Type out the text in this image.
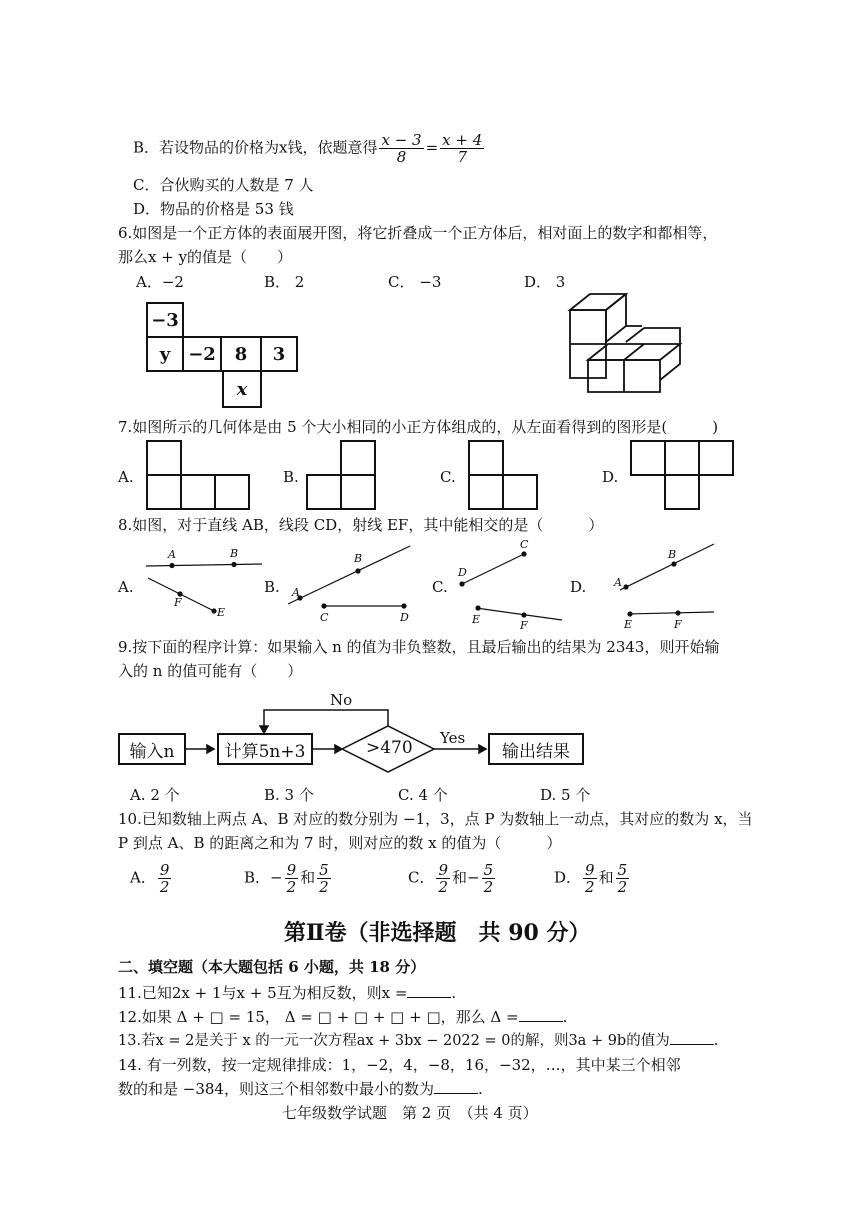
B．若设物品的价格为x钱，依题意得 $\frac{x - 3}{8} = \frac{x + 4}{7}$
C．合伙购买的人数是 7 人
D．物品的价格是 53 钱
6.如图是一个正方体的表面展开图，将它折叠成一个正方体后，相对面上的数字和都相等，
那么x + y的值是（　　）
A．−2	B． 2	C． −3	D． 3
−3
y −2	8	3
x
7.如图所示的几何体是由 5 个大小相同的小正方体组成的，从左面看得到的图形是(　　　)
A.	B.	C.	D.
8.如图，对于直线 AB，线段 CD，射线 EF，其中能相交的是（　　　）
A.	B.	C.	D.
A	B
F
E
A
B
C	D
D
C
E	F
A
B
E	F
9.按下面的程序计算：如果输入 n 的值为非负整数，且最后输出的结果为 2343，则开始输
入的 n 的值可能有（　　）
输入n	计算5n+3	输出结果
>470
No
Yes
A. 2 个	B. 3 个	C. 4 个	D. 5 个
10.已知数轴上两点 A、B 对应的数分别为 −1，3，点 P 为数轴上一动点，其对应的数为 x，当
P 到点 A、B 的距离之和为 7 时，则对应的数 x 的值为（　　　）
A． $\frac{9}{2}$	B．− $\frac{9}{2}$ 和 $\frac{5}{2}$	C． $\frac{9}{2}$ 和− $\frac{5}{2}$	D． $\frac{9}{2}$ 和 $\frac{5}{2}$
第Ⅱ卷（非选择题　共 90 分）
二、填空题（本大题包括 6 小题，共 18 分）
11.已知2x + 1与x + 5互为相反数，则x =	.
12.如果 Δ + □ = 15， Δ = □ + □ + □ + □，那么 Δ =	.
13.若x = 2是关于 x 的一元一次方程ax + 3bx − 2022 = 0的解，则3a + 9b的值为	.
14. 有一列数，按一定规律排成：1，−2，4，−8，16，−32，…，其中某三个相邻
数的和是 −384，则这三个相邻数中最小的数为	.
七年级数学试题　第 2 页　（共 4 页）
